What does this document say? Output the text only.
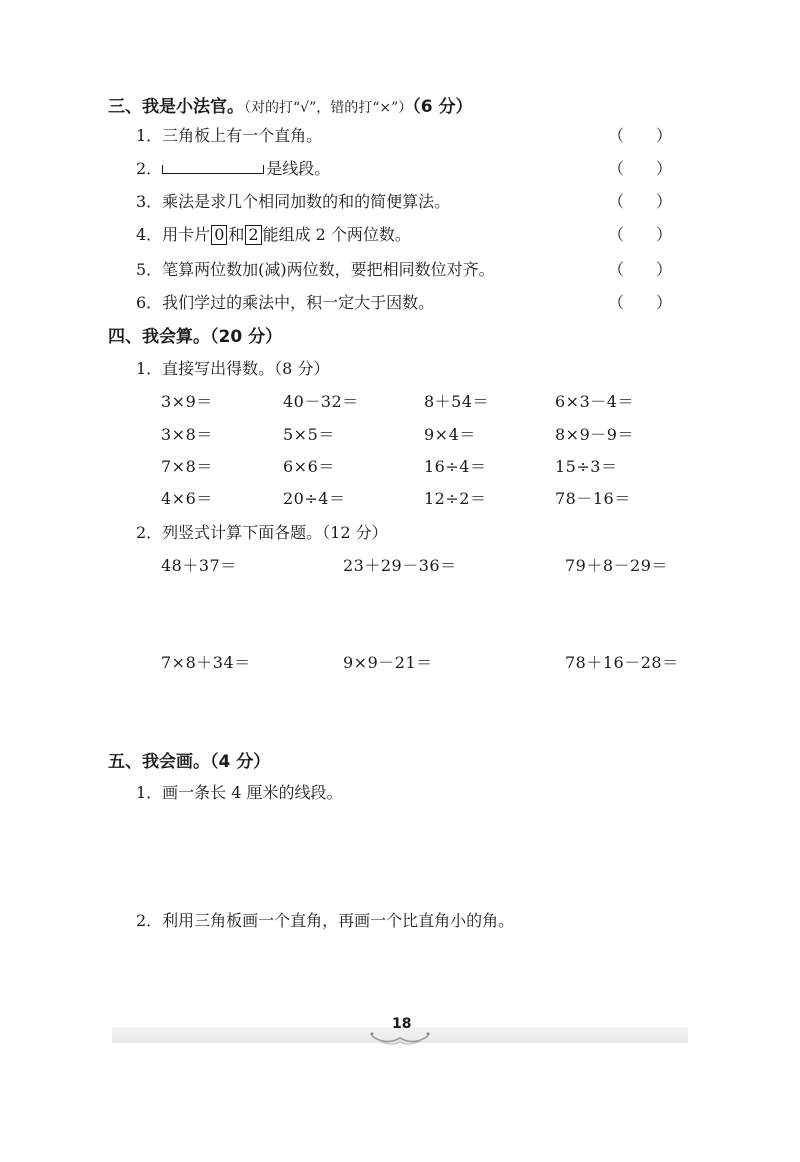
三、我是小法官。（对的打“√”，错的打“×”）（6 分）
1．三角板上有一个直角。	（　　）
2．	是线段。	（　　）
3．乘法是求几个相同加数的和的简便算法。	（　　）
4．用卡片 0 和 2 能组成 2 个两位数。	（　　）
5．笔算两位数加(减)两位数，要把相同数位对齐。	（　　）
6．我们学过的乘法中，积一定大于因数。	（　　）
四、我会算。（20 分）
1．直接写出得数。（8 分）
3×9＝	40－32＝	8＋54＝	6×3－4＝
3×8＝	5×5＝	9×4＝	8×9－9＝
7×8＝	6×6＝	16÷4＝	15÷3＝
4×6＝	20÷4＝	12÷2＝	78－16＝
2．列竖式计算下面各题。（12 分）
48＋37＝	23＋29－36＝	79＋8－29＝
7×8＋34＝	9×9－21＝	78＋16－28＝
五、我会画。（4 分）
1．画一条长 4 厘米的线段。
2．利用三角板画一个直角，再画一个比直角小的角。
18
